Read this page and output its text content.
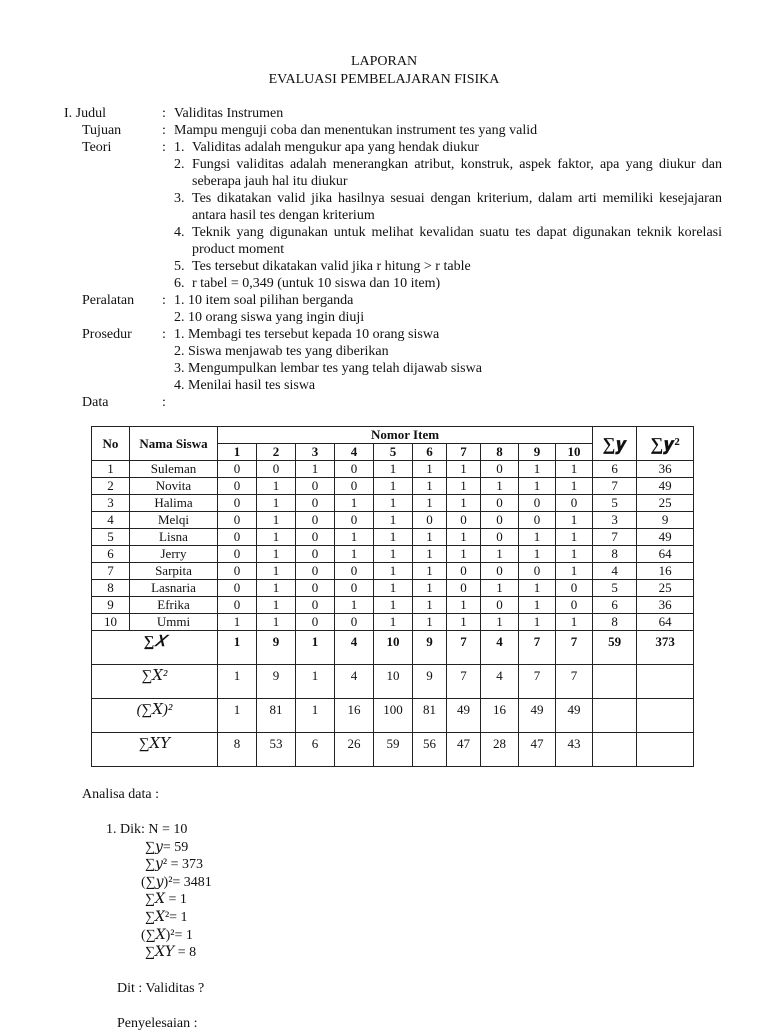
LAPORAN
EVALUASI PEMBELAJARAN FISIKA
I. Judul	: Validitas Instrumen
Tujuan	: Mampu menguji coba dan menentukan instrument tes yang valid
Teori	: 1. Validitas adalah mengukur apa yang hendak diukur
2. Fungsi validitas adalah menerangkan atribut, konstruk, aspek faktor, apa yang diukur dan seberapa jauh hal itu diukur
3. Tes dikatakan valid jika hasilnya sesuai dengan kriterium, dalam arti memiliki kesejajaran antara hasil tes dengan kriterium
4. Teknik yang digunakan untuk melihat kevalidan suatu tes dapat digunakan teknik korelasi product moment
5. Tes tersebut dikatakan valid jika r hitung > r table
6. r tabel = 0,349 (untuk 10 siswa dan 10 item)
Peralatan	: 1. 10 item soal pilihan berganda
2. 10 orang siswa yang ingin diuji
Prosedur	: 1. Membagi tes tersebut kepada 10 orang siswa
2. Siswa menjawab tes yang diberikan
3. Mengumpulkan lembar tes yang telah dijawab siswa
4. Menilai hasil tes siswa
Data	:
No	Nama Siswa	Nomor Item										∑𝒚	∑𝒚²
		1	2	3	4	5	6	7	8	9	10		
1	Suleman	0	0	1	0	1	1	1	0	1	1	6	36
2	Novita	0	1	0	0	1	1	1	1	1	1	7	49
3	Halima	0	1	0	1	1	1	1	0	0	0	5	25
4	Melqi	0	1	0	0	1	0	0	0	0	1	3	9
5	Lisna	0	1	0	1	1	1	1	0	1	1	7	49
6	Jerry	0	1	0	1	1	1	1	1	1	1	8	64
7	Sarpita	0	1	0	0	1	1	0	0	0	1	4	16
8	Lasnaria	0	1	0	0	1	1	0	1	1	0	5	25
9	Efrika	0	1	0	1	1	1	1	0	1	0	6	36
10	Ummi	1	1	0	0	1	1	1	1	1	1	8	64
∑𝑋		1	9	1	4	10	9	7	4	7	7	59	373
∑𝑋²		1	9	1	4	10	9	7	4	7	7		
(∑𝑋)²		1	81	1	16	100	81	49	16	49	49		
∑𝑋𝑌		8	53	6	26	59	56	47	28	47	43		
Analisa data :
1. Dik: N = 10
∑𝑦= 59
∑𝑦² = 373
(∑𝑦)²= 3481
∑𝑋 = 1
∑𝑋²= 1
(∑𝑋)²= 1
∑𝑋𝑌 = 8
Dit : Validitas ?
Penyelesaian :
